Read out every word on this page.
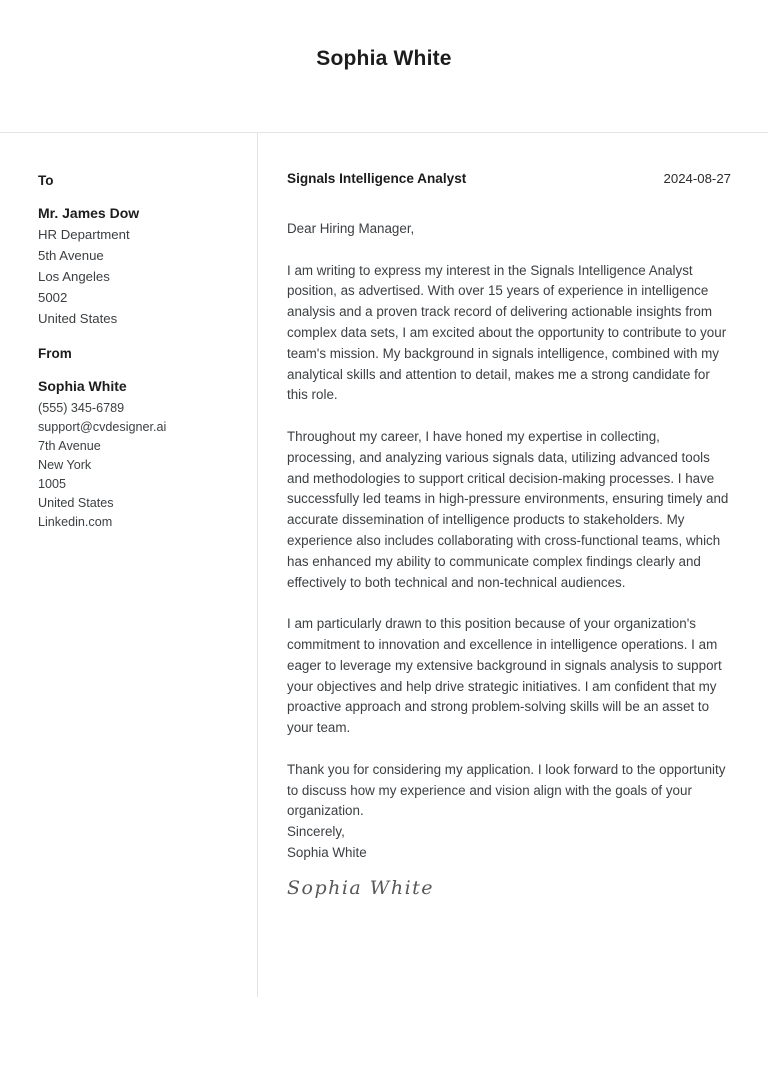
Sophia White
To
Mr. James Dow
HR Department
5th Avenue
Los Angeles
5002
United States
From
Sophia White
(555) 345-6789
support@cvdesigner.ai
7th Avenue
New York
1005
United States
Linkedin.com
Signals Intelligence Analyst	2024-08-27

Dear Hiring Manager,

I am writing to express my interest in the Signals Intelligence Analyst position, as advertised. With over 15 years of experience in intelligence analysis and a proven track record of delivering actionable insights from complex data sets, I am excited about the opportunity to contribute to your team's mission. My background in signals intelligence, combined with my analytical skills and attention to detail, makes me a strong candidate for this role.

Throughout my career, I have honed my expertise in collecting, processing, and analyzing various signals data, utilizing advanced tools and methodologies to support critical decision-making processes. I have successfully led teams in high-pressure environments, ensuring timely and accurate dissemination of intelligence products to stakeholders. My experience also includes collaborating with cross-functional teams, which has enhanced my ability to communicate complex findings clearly and effectively to both technical and non-technical audiences.

I am particularly drawn to this position because of your organization's commitment to innovation and excellence in intelligence operations. I am eager to leverage my extensive background in signals analysis to support your objectives and help drive strategic initiatives. I am confident that my proactive approach and strong problem-solving skills will be an asset to your team.

Thank you for considering my application. I look forward to the opportunity to discuss how my experience and vision align with the goals of your organization.

Sincerely,
Sophia White
Sophia White
